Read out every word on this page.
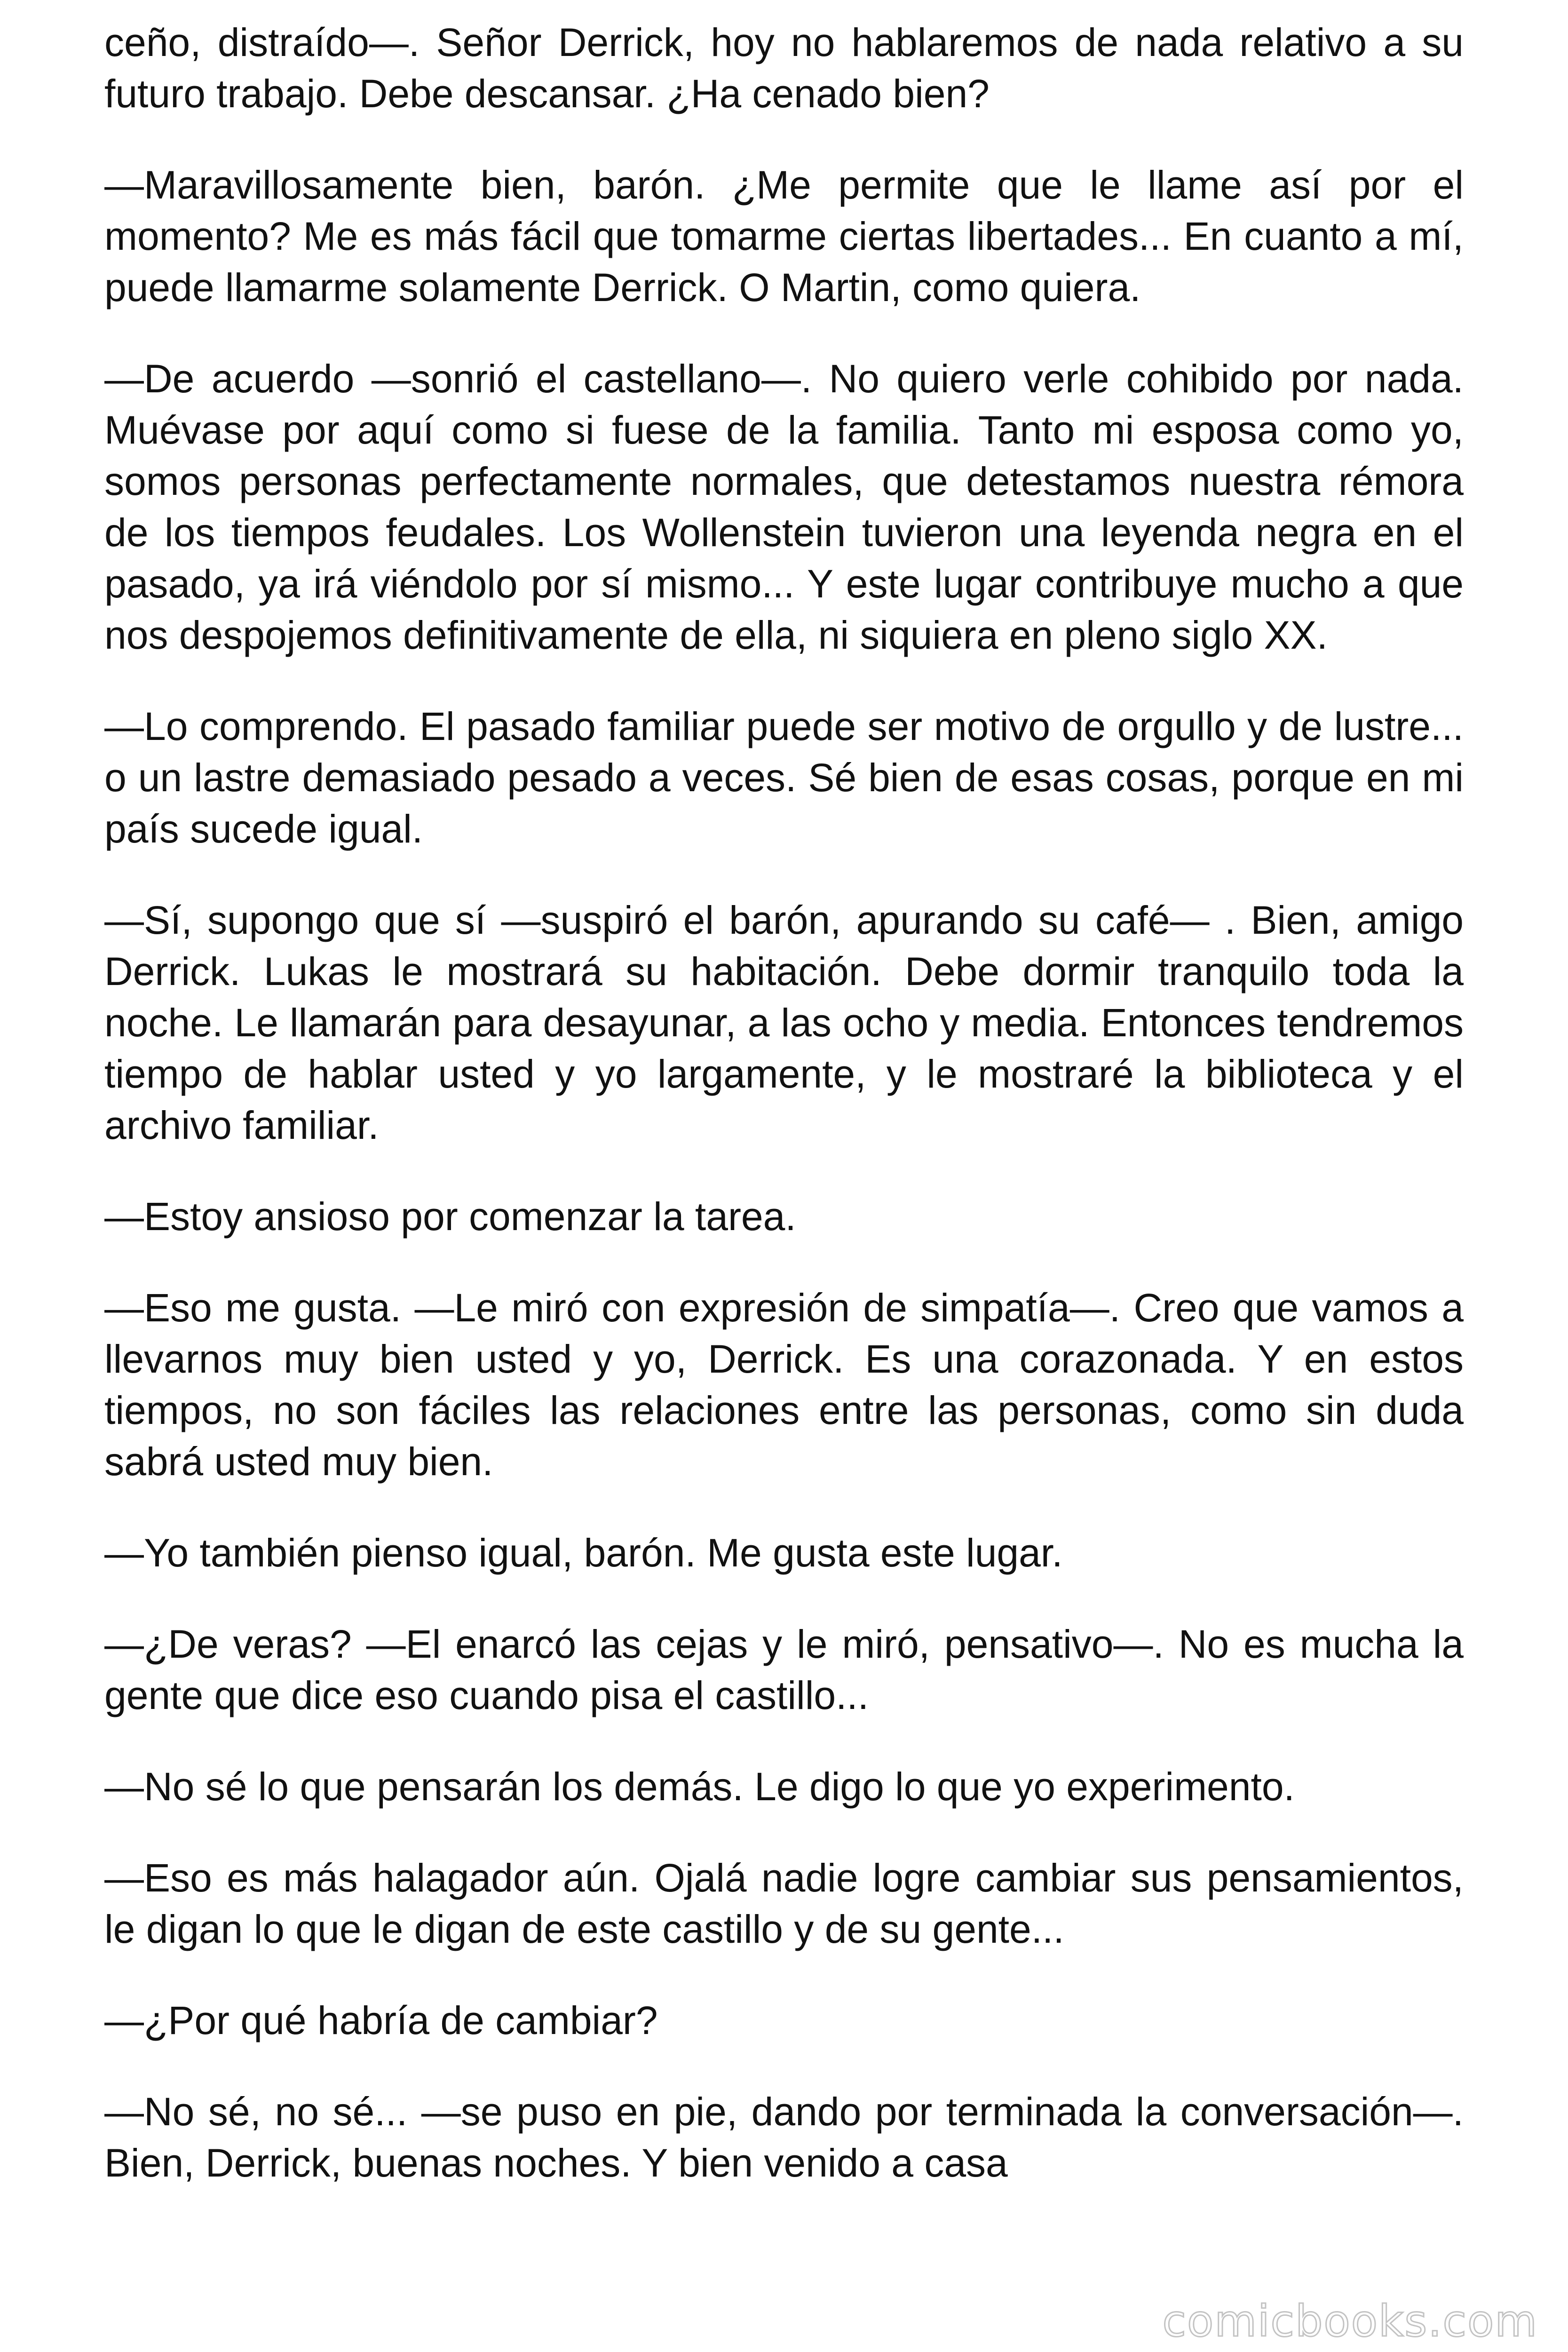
ceño, distraído—. Señor Derrick, hoy no hablaremos de nada relativo a su futuro trabajo. Debe descansar. ¿Ha cenado bien?

—Maravillosamente bien, barón. ¿Me permite que le llame así por el momento? Me es más fácil que tomarme ciertas libertades... En cuanto a mí, puede llamarme solamente Derrick. O Martin, como quiera.

—De acuerdo —sonrió el castellano—. No quiero verle cohibido por nada. Muévase por aquí como si fuese de la familia. Tanto mi esposa como yo, somos personas perfectamente normales, que detestamos nuestra rémora de los tiempos feudales. Los Wollenstein tuvieron una leyenda negra en el pasado, ya irá viéndolo por sí mismo... Y este lugar contribuye mucho a que nos despojemos definitivamente de ella, ni siquiera en pleno siglo XX.

—Lo comprendo. El pasado familiar puede ser motivo de orgullo y de lustre... o un lastre demasiado pesado a veces. Sé bien de esas cosas, porque en mi país sucede igual.

—Sí, supongo que sí —suspiró el barón, apurando su café— . Bien, amigo Derrick. Lukas le mostrará su habitación. Debe dormir tranquilo toda la noche. Le llamarán para desayunar, a las ocho y media. Entonces tendremos tiempo de hablar usted y yo largamente, y le mostraré la biblioteca y el archivo familiar.

—Estoy ansioso por comenzar la tarea.

—Eso me gusta. —Le miró con expresión de simpatía—. Creo que vamos a llevarnos muy bien usted y yo, Derrick. Es una corazonada. Y en estos tiempos, no son fáciles las relaciones entre las personas, como sin duda sabrá usted muy bien.

—Yo también pienso igual, barón. Me gusta este lugar.

—¿De veras? —El enarcó las cejas y le miró, pensativo—. No es mucha la gente que dice eso cuando pisa el castillo...

—No sé lo que pensarán los demás. Le digo lo que yo experimento.

—Eso es más halagador aún. Ojalá nadie logre cambiar sus pensamientos, le digan lo que le digan de este castillo y de su gente...

—¿Por qué habría de cambiar?

—No sé, no sé... —se puso en pie, dando por terminada la conversación—. Bien, Derrick, buenas noches. Y bien venido a casa

comicbooks.com
